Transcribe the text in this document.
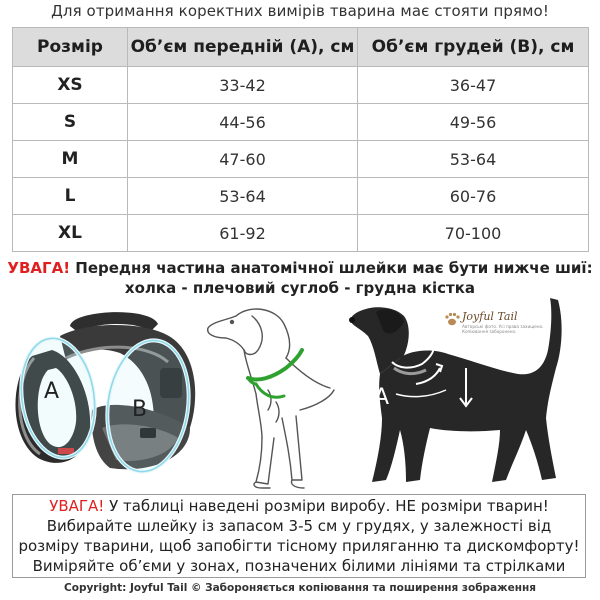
Для отримання коректних вимірів тварина має стояти прямо!
Розмір	Об’єм передній (A), см	Об’єм грудей (B), см
XS	33-42	36-47
S	44-56	49-56
M	47-60	53-64
L	53-64	60-76
XL	61-92	70-100
УВАГА! Передня частина анатомічної шлейки має бути нижче шиї:
холка - плечовий суглоб - грудна кістка
A
B	A
B
Joyful Tail
Авторські фото. Усі права захищено.
Копіювання заборонено.
УВАГА! У таблиці наведені розміри виробу. НЕ розміри тварин!
Вибирайте шлейку із запасом 3-5 см у грудях, у залежності від
розміру тварини, щоб запобігти тісному приляганню та дискомфорту!
Виміряйте об’єми у зонах, позначених білими лініями та стрілками
Copyright: Joyful Tail © Забороняється копіювання та поширення зображення
